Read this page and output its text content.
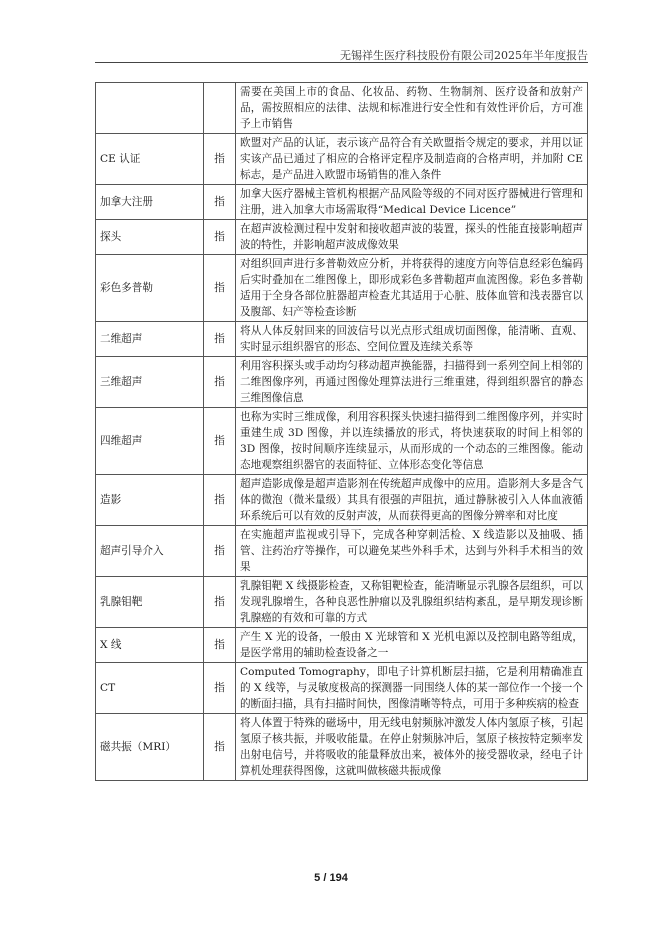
无锡祥生医疗科技股份有限公司2025年半年度报告
		需要在美国上市的食品、化妆品、药物、生物制剂、医疗设备和放射产品，需按照相应的法律、法规和标准进行安全性和有效性评价后，方可准予上市销售
CE 认证	指	欧盟对产品的认证，表示该产品符合有关欧盟指令规定的要求，并用以证实该产品已通过了相应的合格评定程序及制造商的合格声明，并加附 CE 标志，是产品进入欧盟市场销售的准入条件
加拿大注册	指	加拿大医疗器械主管机构根据产品风险等级的不同对医疗器械进行管理和注册，进入加拿大市场需取得“Medical Device Licence”
探头	指	在超声波检测过程中发射和接收超声波的装置，探头的性能直接影响超声波的特性，并影响超声波成像效果
彩色多普勒	指	对组织回声进行多普勒效应分析，并将获得的速度方向等信息经彩色编码后实时叠加在二维图像上，即形成彩色多普勒超声血流图像。彩色多普勒适用于全身各部位脏器超声检查尤其适用于心脏、肢体血管和浅表器官以及腹部、妇产等检查诊断
二维超声	指	将从人体反射回来的回波信号以光点形式组成切面图像，能清晰、直观、实时显示组织器官的形态、空间位置及连续关系等
三维超声	指	利用容积探头或手动均匀移动超声换能器，扫描得到一系列空间上相邻的二维图像序列，再通过图像处理算法进行三维重建，得到组织器官的静态三维图像信息
四维超声	指	也称为实时三维成像，利用容积探头快速扫描得到二维图像序列，并实时重建生成 3D 图像，并以连续播放的形式，将快速获取的时间上相邻的 3D 图像，按时间顺序连续显示，从而形成的一个动态的三维图像。能动态地观察组织器官的表面特征、立体形态变化等信息
造影	指	超声造影成像是超声造影剂在传统超声成像中的应用。造影剂大多是含气体的微泡（微米量级）其具有很强的声阻抗，通过静脉被引入人体血液循环系统后可以有效的反射声波，从而获得更高的图像分辨率和对比度
超声引导介入	指	在实施超声监视或引导下，完成各种穿刺活检、X 线造影以及抽吸、插管、注药治疗等操作，可以避免某些外科手术，达到与外科手术相当的效果
乳腺钼靶	指	乳腺钼靶 X 线摄影检查，又称钼靶检查，能清晰显示乳腺各层组织，可以发现乳腺增生，各种良恶性肿瘤以及乳腺组织结构紊乱，是早期发现诊断乳腺癌的有效和可靠的方式
X 线	指	产生 X 光的设备，一般由 X 光球管和 X 光机电源以及控制电路等组成，是医学常用的辅助检查设备之一
CT	指	Computed Tomography，即电子计算机断层扫描，它是利用精确准直的 X 线等，与灵敏度极高的探测器一同围绕人体的某一部位作一个接一个的断面扫描，具有扫描时间快，图像清晰等特点，可用于多种疾病的检查
磁共振（MRI）	指	将人体置于特殊的磁场中，用无线电射频脉冲激发人体内氢原子核，引起氢原子核共振，并吸收能量。在停止射频脉冲后，氢原子核按特定频率发出射电信号，并将吸收的能量释放出来，被体外的接受器收录，经电子计算机处理获得图像，这就叫做核磁共振成像
5 / 194
